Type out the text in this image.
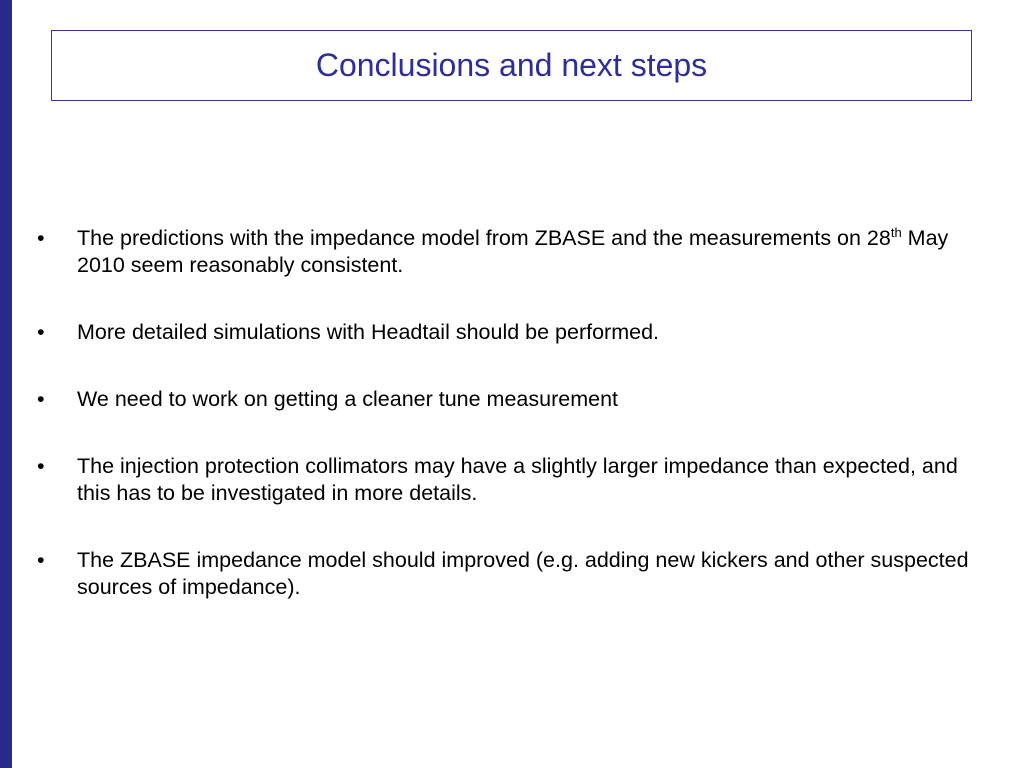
Conclusions and next steps
• The predictions with the impedance model from ZBASE and the measurements on 28th May 2010 seem reasonably consistent.
• More detailed simulations with Headtail should be performed.
• We need to work on getting a cleaner tune measurement
• The injection protection collimators may have a slightly larger impedance than expected, and this has to be investigated in more details.
• The ZBASE impedance model should improved (e.g. adding new kickers and other suspected sources of impedance).
